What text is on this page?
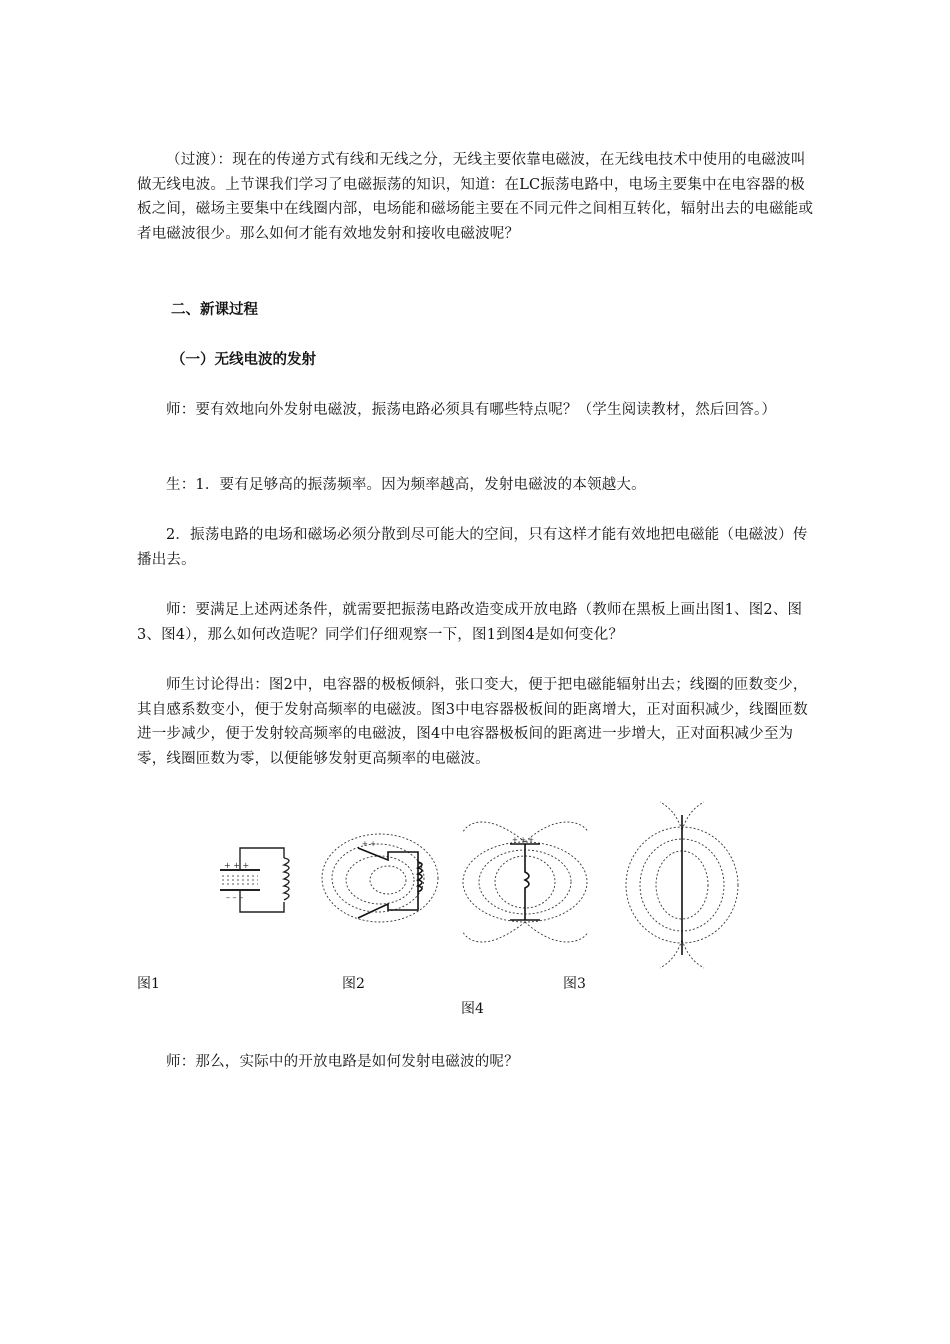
（过渡）：现在的传递方式有线和无线之分，无线主要依靠电磁波，在无线电技术中使用的电磁波叫做无线电波。上节课我们学习了电磁振荡的知识，知道：在LC振荡电路中，电场主要集中在电容器的极板之间，磁场主要集中在线圈内部，电场能和磁场能主要在不同元件之间相互转化，辐射出去的电磁能或者电磁波很少。那么如何才能有效地发射和接收电磁波呢？

二、新课过程
（一）无线电波的发射

师：要有效地向外发射电磁波，振荡电路必须具有哪些特点呢？（学生阅读教材，然后回答。）

生：1．要有足够高的振荡频率。因为频率越高，发射电磁波的本领越大。

2．振荡电路的电场和磁场必须分散到尽可能大的空间，只有这样才能有效地把电磁能（电磁波）传播出去。

师：要满足上述两述条件，就需要把振荡电路改造变成开放电路（教师在黑板上画出图1、图2、图3、图4），那么如何改造呢？同学们仔细观察一下，图1到图4是如何变化？

师生讨论得出：图2中，电容器的极板倾斜，张口变大，便于把电磁能辐射出去；线圈的匝数变少，其自感系数变小，便于发射高频率的电磁波。图3中电容器极板间的距离增大，正对面积减少，线圈匝数进一步减少，便于发射较高频率的电磁波，图4中电容器极板间的距离进一步增大，正对面积减少至为零，线圈匝数为零，以便能够发射更高频率的电磁波。

+ + +
– – –
+ +	+ + +
图1	图2	图3
图4

师：那么，实际中的开放电路是如何发射电磁波的呢？
